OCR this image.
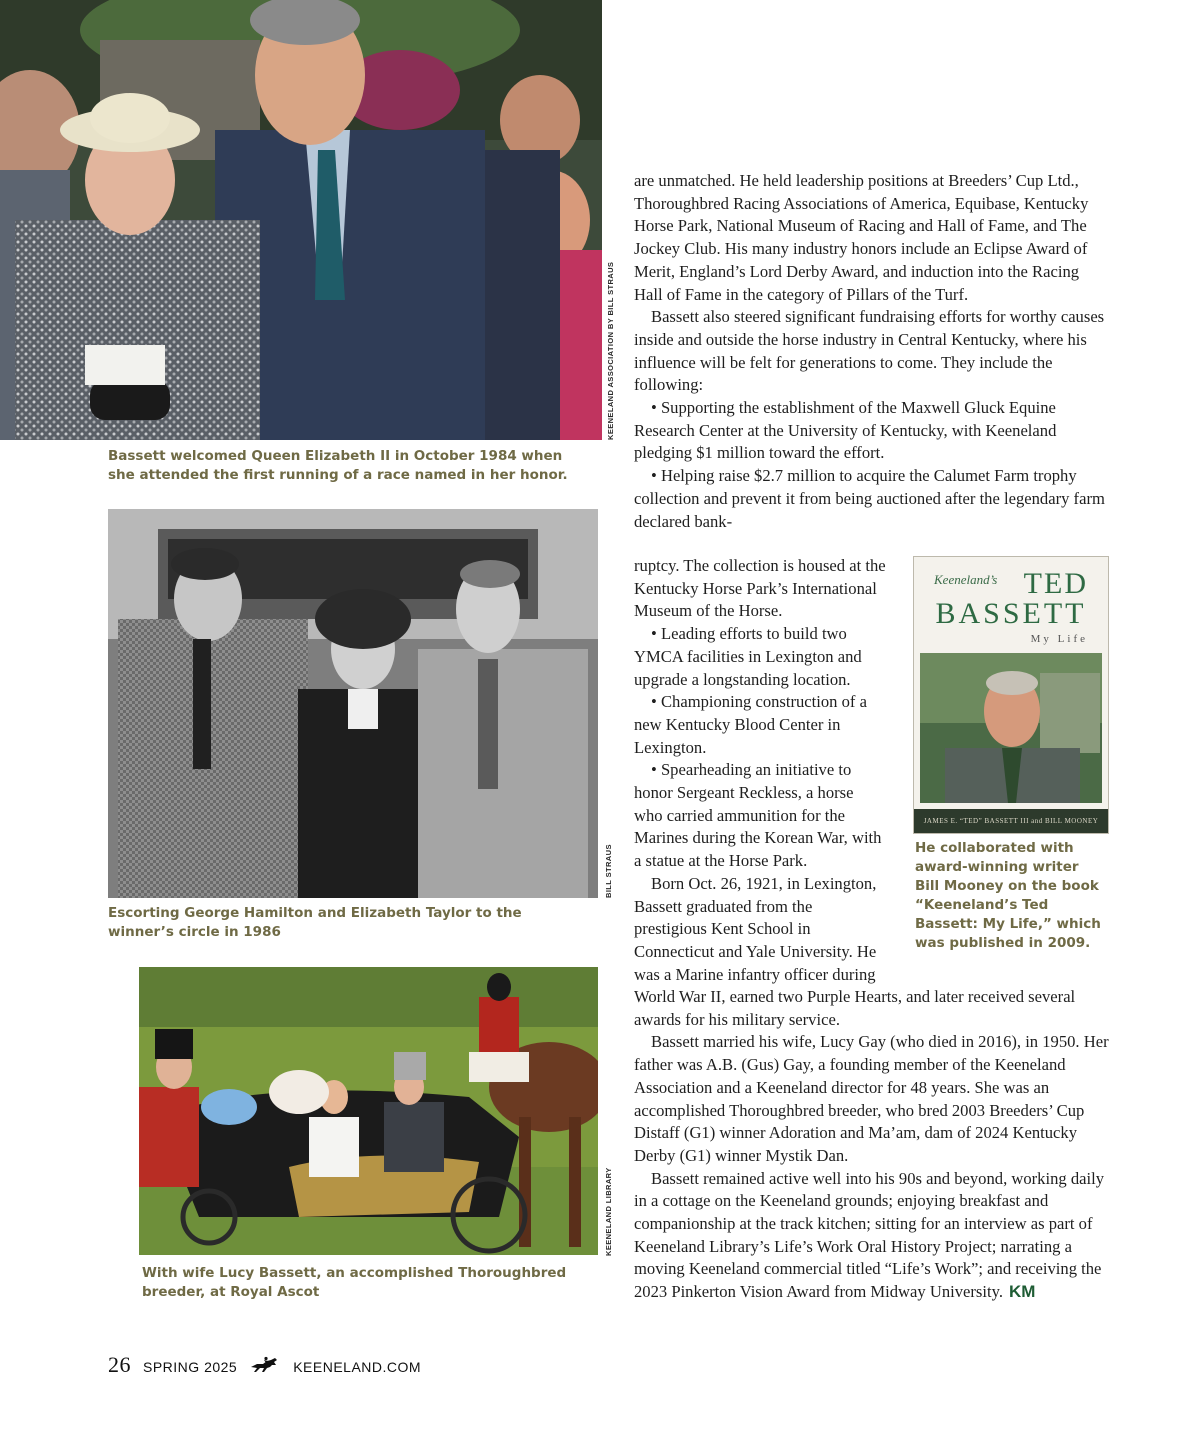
KEENELAND ASSOCIATION BY BILL STRAUS

Bassett welcomed Queen Elizabeth II in October 1984 when she attended the first running of a race named in her honor.

BILL STRAUS

Escorting George Hamilton and Elizabeth Taylor to the winner’s circle in 1986

KEENELAND LIBRARY

With wife Lucy Bassett, an accomplished Thoroughbred breeder, at Royal Ascot

Keeneland’s TED
BASSETT
My Life
JAMES E. “TED” BASSETT III and BILL MOONEY

He collaborated with award-winning writer Bill Mooney on the book “Keeneland’s Ted Bassett: My Life,” which was published in 2009.

are unmatched. He held leadership positions at Breeders’ Cup Ltd., Thoroughbred Racing Associations of America, Equibase, Kentucky Horse Park, National Museum of Racing and Hall of Fame, and The Jockey Club. His many industry honors include an Eclipse Award of Merit, England’s Lord Derby Award, and induction into the Racing Hall of Fame in the category of Pillars of the Turf.

Bassett also steered significant fundraising efforts for worthy causes inside and outside the horse industry in Central Kentucky, where his influence will be felt for generations to come. They include the following:

• Supporting the establishment of the Maxwell Gluck Equine Research Center at the University of Kentucky, with Keeneland pledging $1 million toward the effort.

• Helping raise $2.7 million to acquire the Calumet Farm trophy collection and prevent it from being auctioned after the legendary farm declared bank-

ruptcy. The collection is housed at the Kentucky Horse Park’s International Museum of the Horse.

• Leading efforts to build two YMCA facilities in Lexington and upgrade a longstanding location.

• Championing construction of a new Kentucky Blood Center in Lexington.

• Spearheading an initiative to honor Sergeant Reckless, a horse who carried ammunition for the Marines during the Korean War, with a statue at the Horse Park.

Born Oct. 26, 1921, in Lexington, Bassett graduated from the prestigious Kent School in Connecticut and Yale University. He was a Marine infantry officer during

World War II, earned two Purple Hearts, and later received several awards for his military service.

Bassett married his wife, Lucy Gay (who died in 2016), in 1950. Her father was A.B. (Gus) Gay, a founding member of the Keeneland Association and a Keeneland director for 48 years. She was an accomplished Thoroughbred breeder, who bred 2003 Breeders’ Cup Distaff (G1) winner Adoration and Ma’am, dam of 2024 Kentucky Derby (G1) winner Mystik Dan.

Bassett remained active well into his 90s and beyond, working daily in a cottage on the Keeneland grounds; enjoying breakfast and companionship at the track kitchen; sitting for an interview as part of Keeneland Library’s Life’s Work Oral History Project; narrating a moving Keeneland commercial titled “Life’s Work”; and receiving the 2023 Pinkerton Vision Award from Midway University. KM

26 SPRING 2025	KEENELAND.COM
